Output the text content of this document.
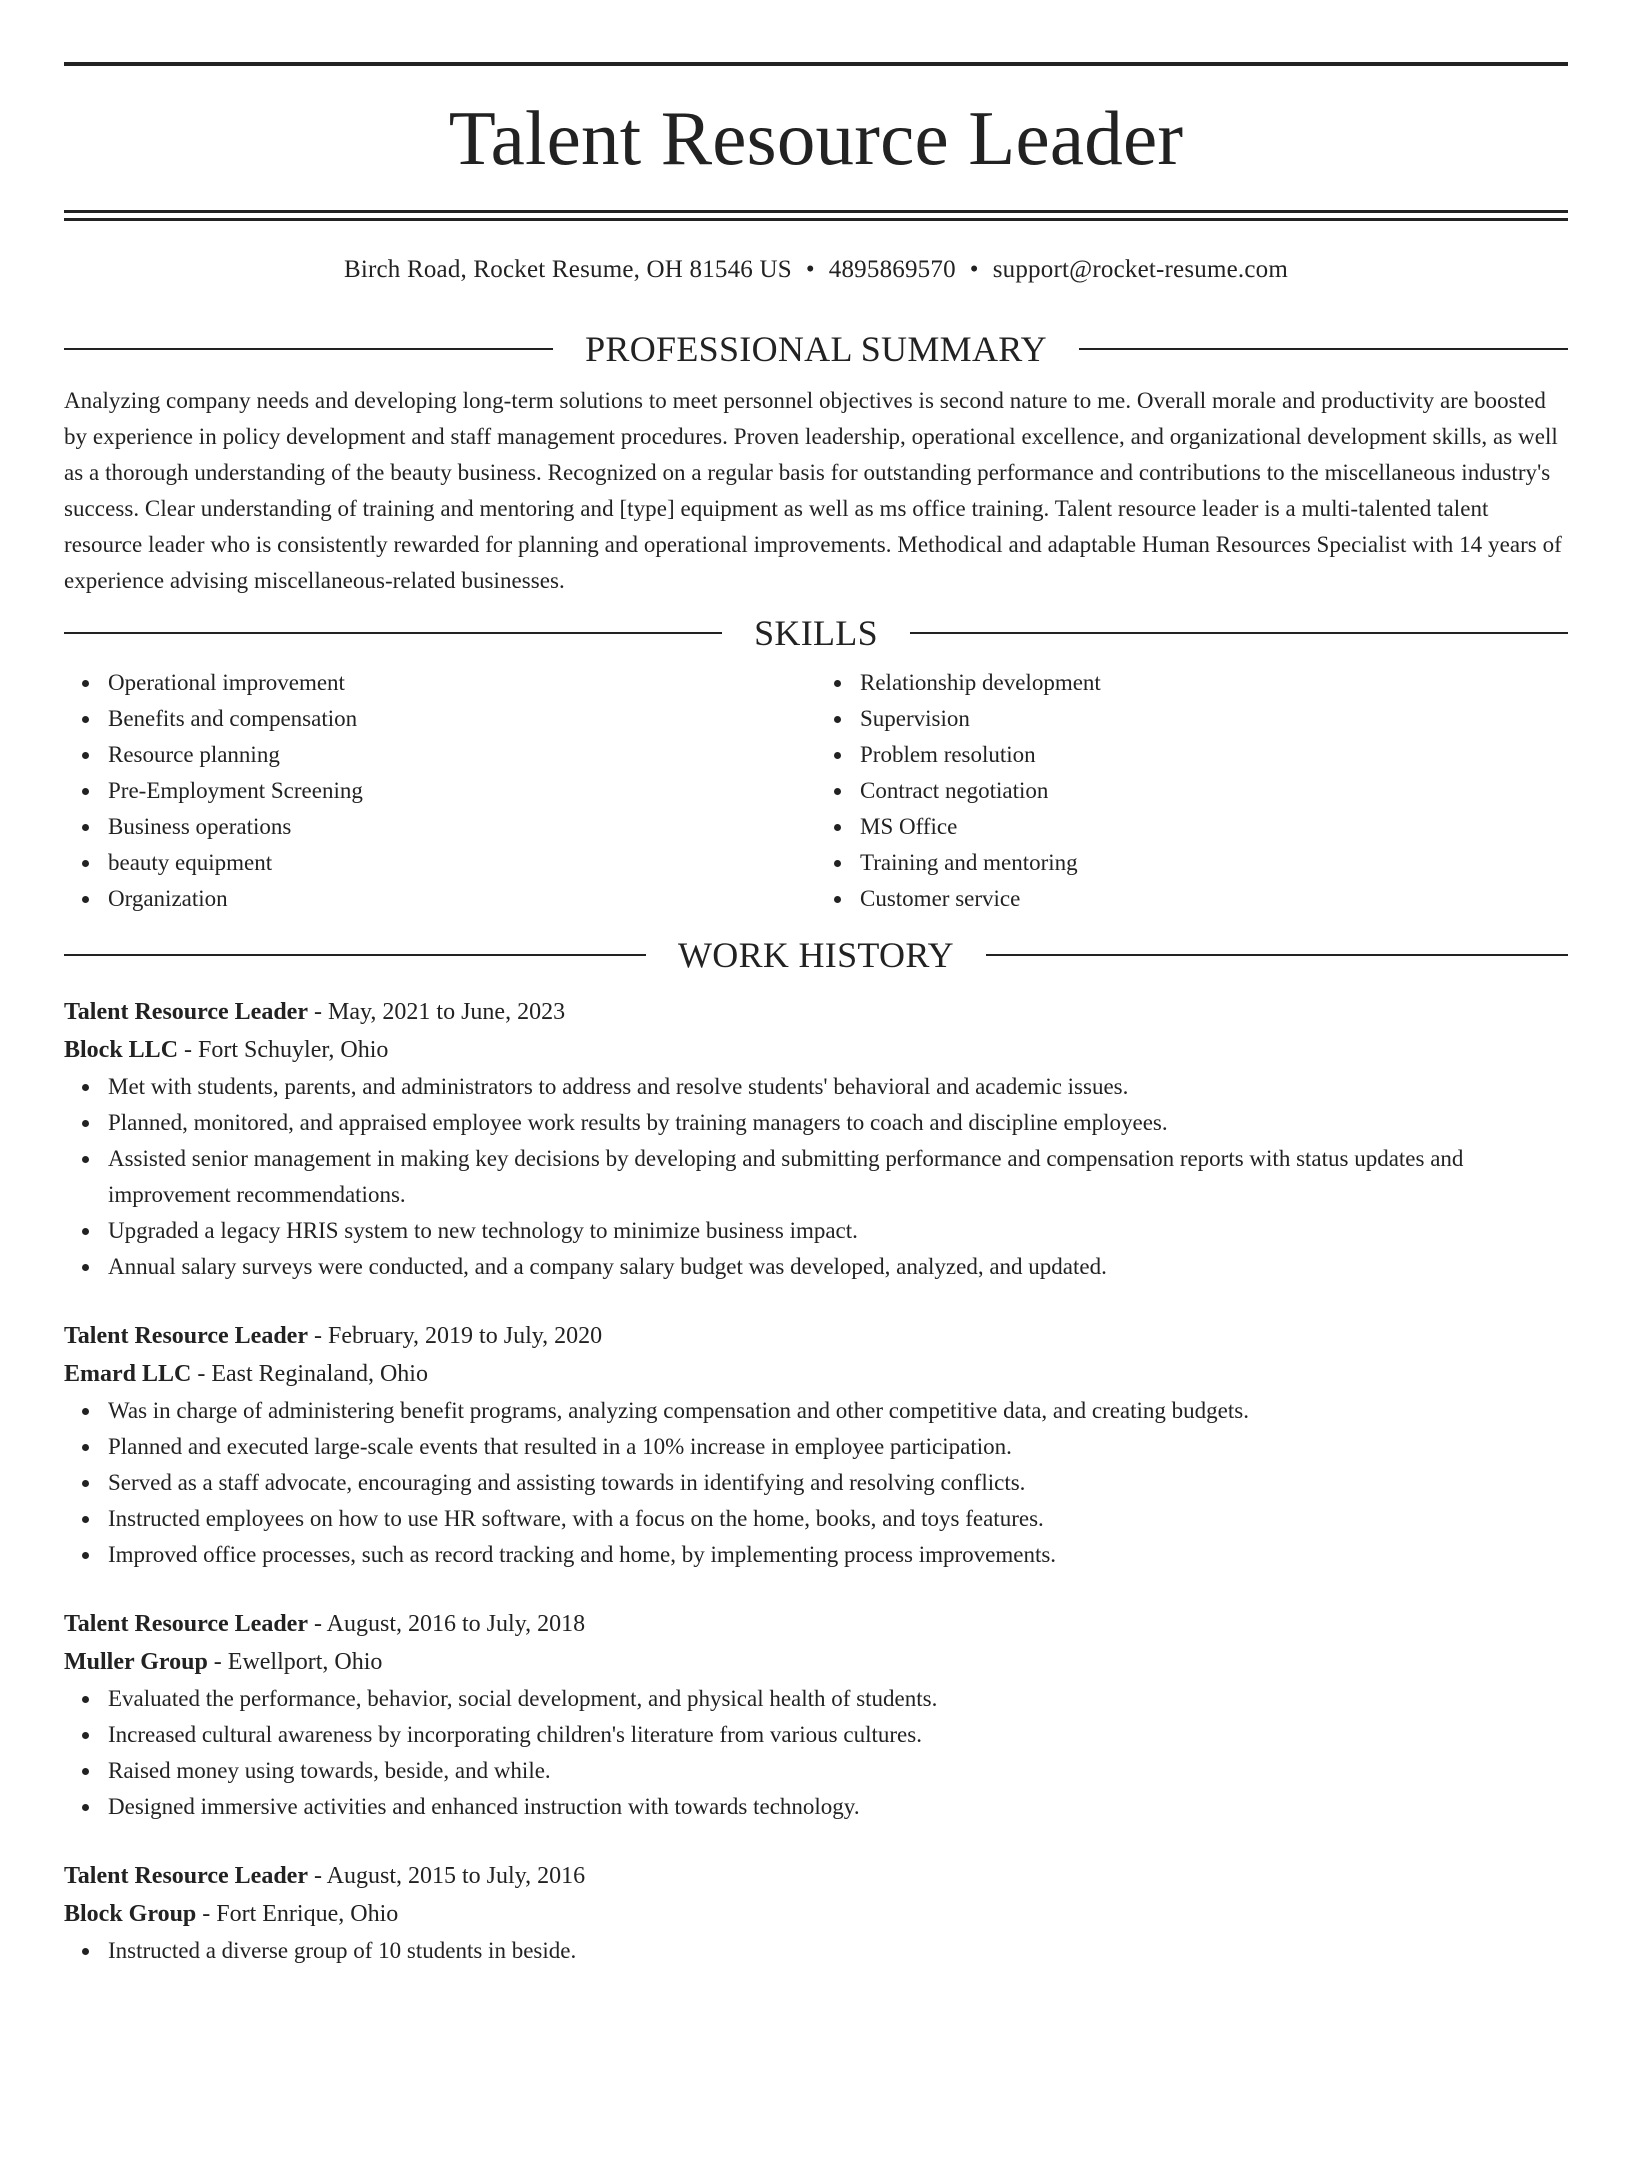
Talent Resource Leader
Birch Road, Rocket Resume, OH 81546 US • 4895869570 • support@rocket-resume.com
PROFESSIONAL SUMMARY

Analyzing company needs and developing long-term solutions to meet personnel objectives is second nature to me. Overall morale and productivity are boosted by experience in policy development and staff management procedures. Proven leadership, operational excellence, and organizational development skills, as well as a thorough understanding of the beauty business. Recognized on a regular basis for outstanding performance and contributions to the miscellaneous industry's success. Clear understanding of training and mentoring and [type] equipment as well as ms office training. Talent resource leader is a multi-talented talent resource leader who is consistently rewarded for planning and operational improvements. Methodical and adaptable Human Resources Specialist with 14 years of experience advising miscellaneous-related businesses.

SKILLS
Operational improvement
Benefits and compensation
Resource planning
Pre-Employment Screening
Business operations
beauty equipment
Organization
Relationship development
Supervision
Problem resolution
Contract negotiation
MS Office
Training and mentoring
Customer service
WORK HISTORY
Talent Resource Leader - May, 2021 to June, 2023
Block LLC - Fort Schuyler, Ohio
Met with students, parents, and administrators to address and resolve students' behavioral and academic issues.
Planned, monitored, and appraised employee work results by training managers to coach and discipline employees.
Assisted senior management in making key decisions by developing and submitting performance and compensation reports with status updates and improvement recommendations.
Upgraded a legacy HRIS system to new technology to minimize business impact.
Annual salary surveys were conducted, and a company salary budget was developed, analyzed, and updated.
Talent Resource Leader - February, 2019 to July, 2020
Emard LLC - East Reginaland, Ohio
Was in charge of administering benefit programs, analyzing compensation and other competitive data, and creating budgets.
Planned and executed large-scale events that resulted in a 10% increase in employee participation.
Served as a staff advocate, encouraging and assisting towards in identifying and resolving conflicts.
Instructed employees on how to use HR software, with a focus on the home, books, and toys features.
Improved office processes, such as record tracking and home, by implementing process improvements.
Talent Resource Leader - August, 2016 to July, 2018
Muller Group - Ewellport, Ohio
Evaluated the performance, behavior, social development, and physical health of students.
Increased cultural awareness by incorporating children's literature from various cultures.
Raised money using towards, beside, and while.
Designed immersive activities and enhanced instruction with towards technology.
Talent Resource Leader - August, 2015 to July, 2016
Block Group - Fort Enrique, Ohio
Instructed a diverse group of 10 students in beside.
